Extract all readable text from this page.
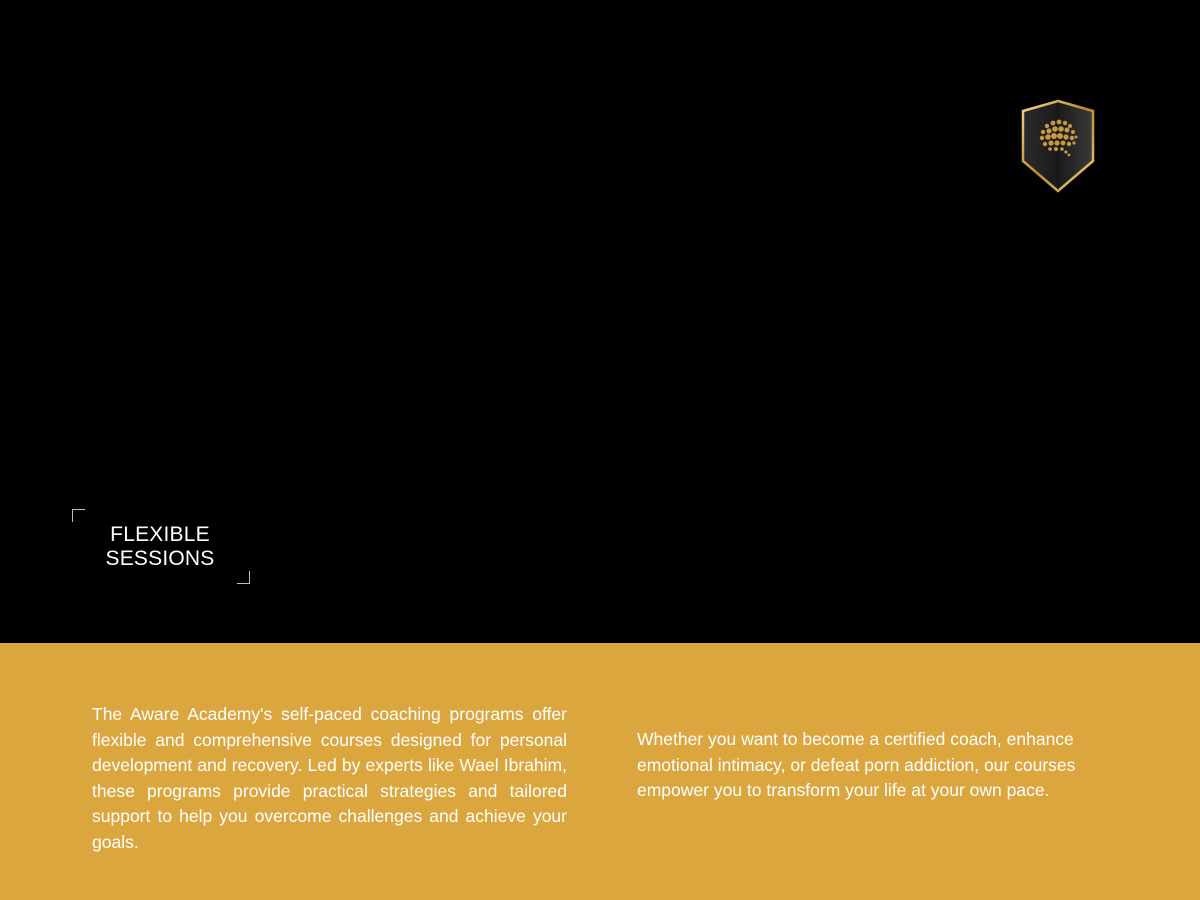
FLEXIBLE
SESSIONS

The Aware Academy's self-paced coaching programs offer flexible and comprehensive courses designed for personal development and recovery. Led by experts like Wael Ibrahim, these programs provide practical strategies and tailored support to help you overcome challenges and achieve your goals.

Whether you want to become a certified coach, enhance emotional intimacy, or defeat porn addiction, our courses empower you to transform your life at your own pace.
